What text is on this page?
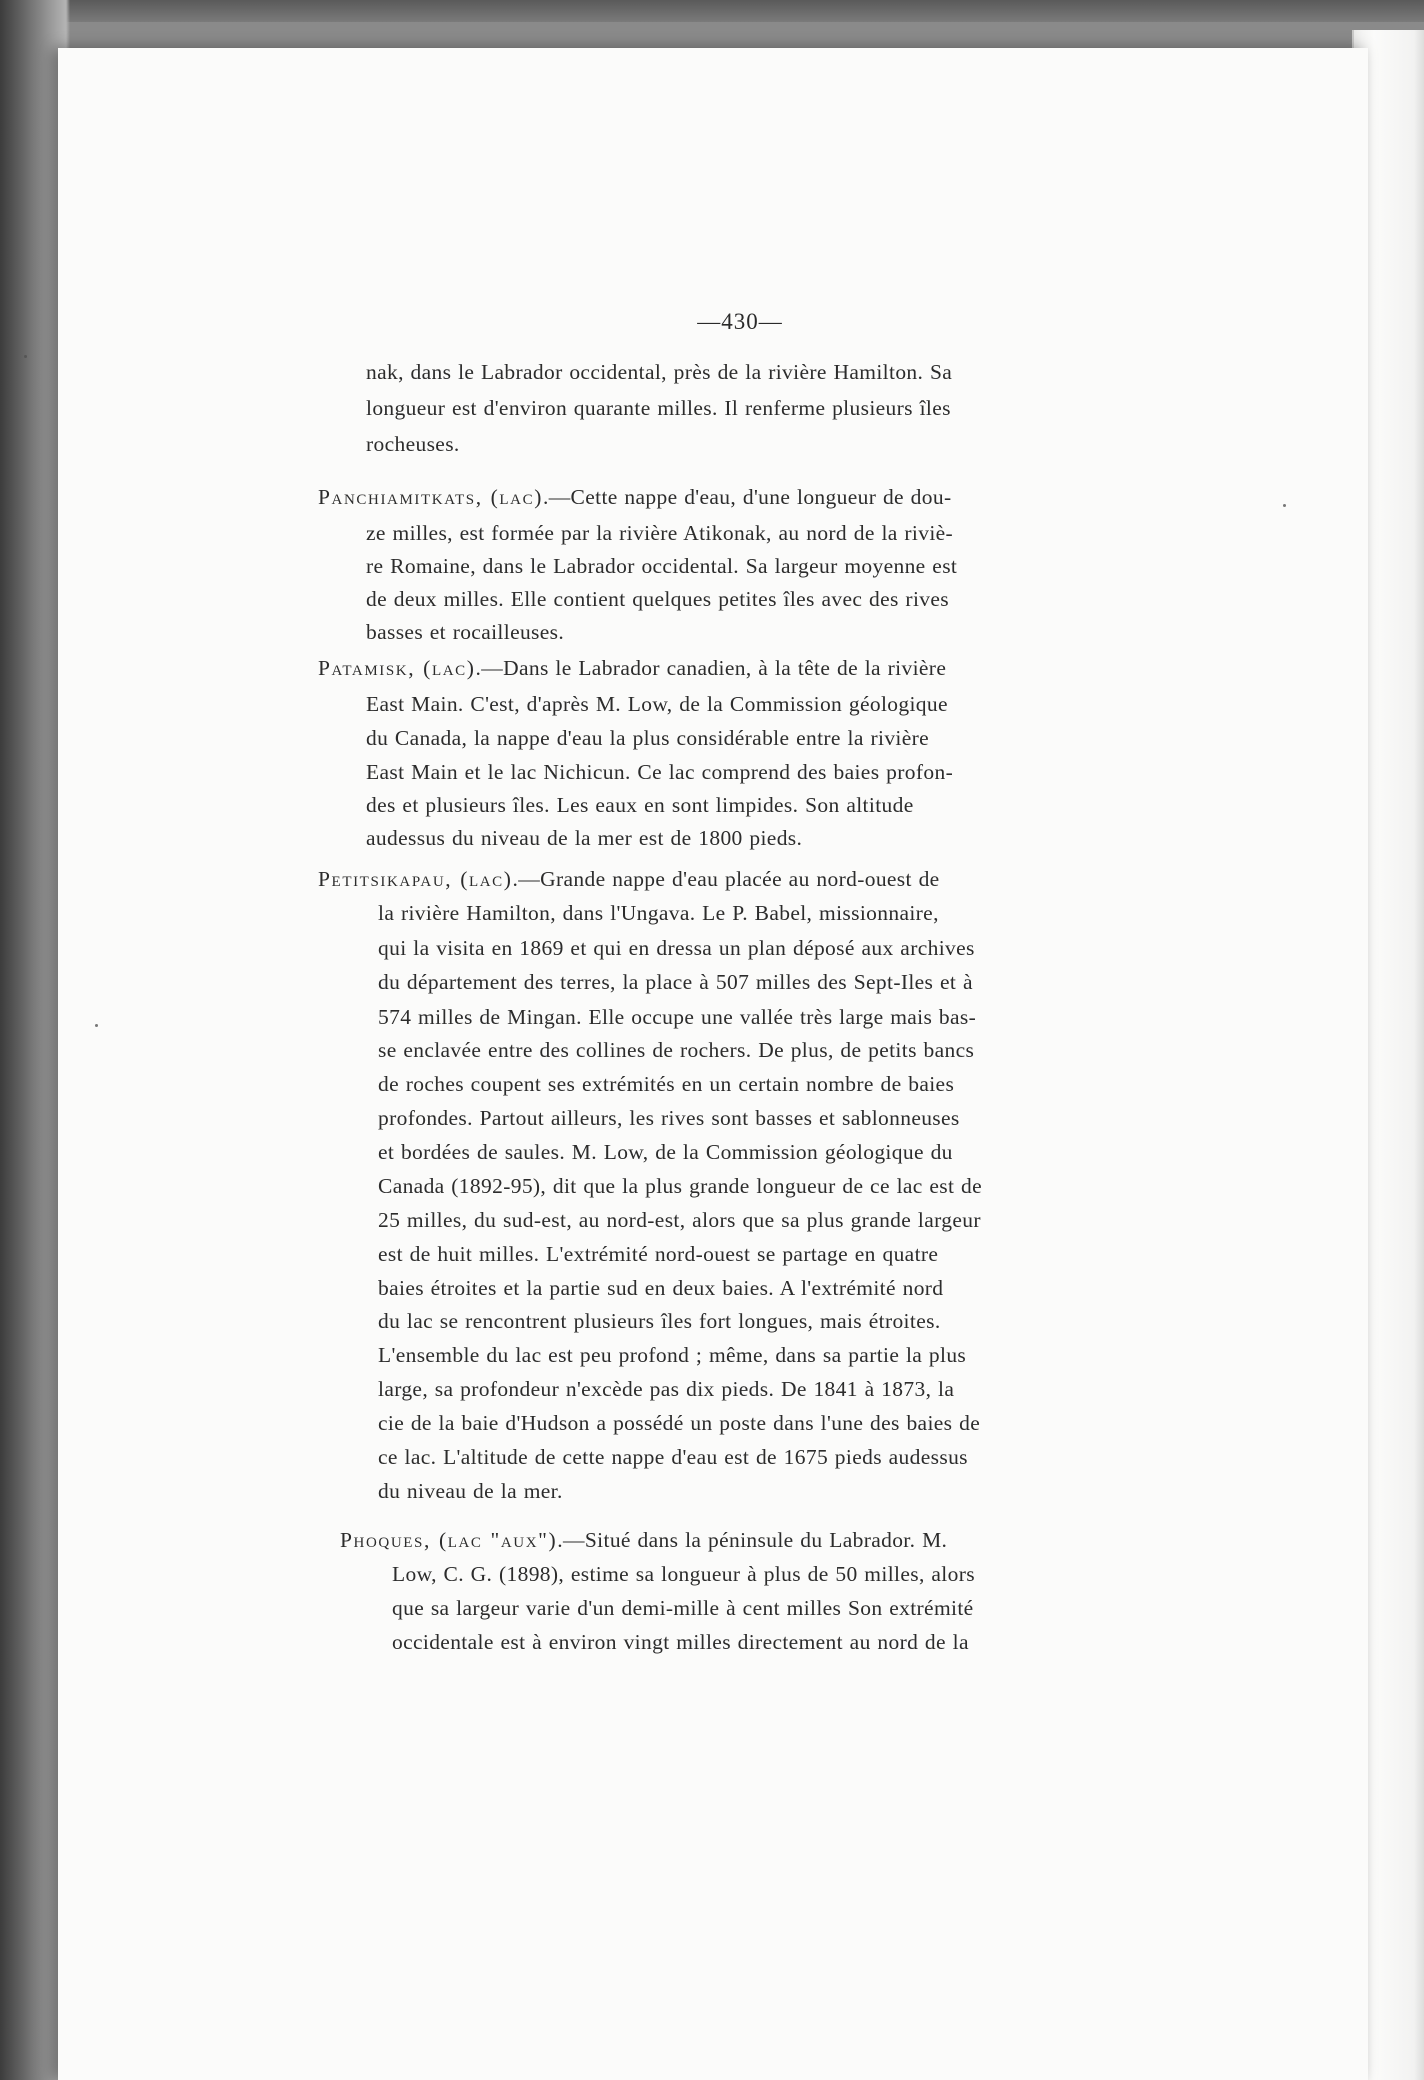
—430—
nak, dans le Labrador occidental, près de la rivière Hamilton. Sa
longueur est d'environ quarante milles. Il renferme plusieurs îles
rocheuses.
Panchiamitkats, (lac).—Cette nappe d'eau, d'une longueur de dou-
ze milles, est formée par la rivière Atikonak, au nord de la riviè-
re Romaine, dans le Labrador occidental. Sa largeur moyenne est
de deux milles. Elle contient quelques petites îles avec des rives
basses et rocailleuses.
Patamisk, (lac).—Dans le Labrador canadien, à la tête de la rivière
East Main. C'est, d'après M. Low, de la Commission géologique
du Canada, la nappe d'eau la plus considérable entre la rivière
East Main et le lac Nichicun. Ce lac comprend des baies profon-
des et plusieurs îles. Les eaux en sont limpides. Son altitude
audessus du niveau de la mer est de 1800 pieds.
Petitsikapau, (lac).—Grande nappe d'eau placée au nord-ouest de
la rivière Hamilton, dans l'Ungava. Le P. Babel, missionnaire,
qui la visita en 1869 et qui en dressa un plan déposé aux archives
du département des terres, la place à 507 milles des Sept-Iles et à
574 milles de Mingan. Elle occupe une vallée très large mais bas-
se enclavée entre des collines de rochers. De plus, de petits bancs
de roches coupent ses extrémités en un certain nombre de baies
profondes. Partout ailleurs, les rives sont basses et sablonneuses
et bordées de saules. M. Low, de la Commission géologique du
Canada (1892-95), dit que la plus grande longueur de ce lac est de
25 milles, du sud-est, au nord-est, alors que sa plus grande largeur
est de huit milles. L'extrémité nord-ouest se partage en quatre
baies étroites et la partie sud en deux baies. A l'extrémité nord
du lac se rencontrent plusieurs îles fort longues, mais étroites.
L'ensemble du lac est peu profond ; même, dans sa partie la plus
large, sa profondeur n'excède pas dix pieds. De 1841 à 1873, la
cie de la baie d'Hudson a possédé un poste dans l'une des baies de
ce lac. L'altitude de cette nappe d'eau est de 1675 pieds audessus
du niveau de la mer.
Phoques, (lac "aux").—Situé dans la péninsule du Labrador. M.
Low, C. G. (1898), estime sa longueur à plus de 50 milles, alors
que sa largeur varie d'un demi-mille à cent milles Son extrémité
occidentale est à environ vingt milles directement au nord de la
